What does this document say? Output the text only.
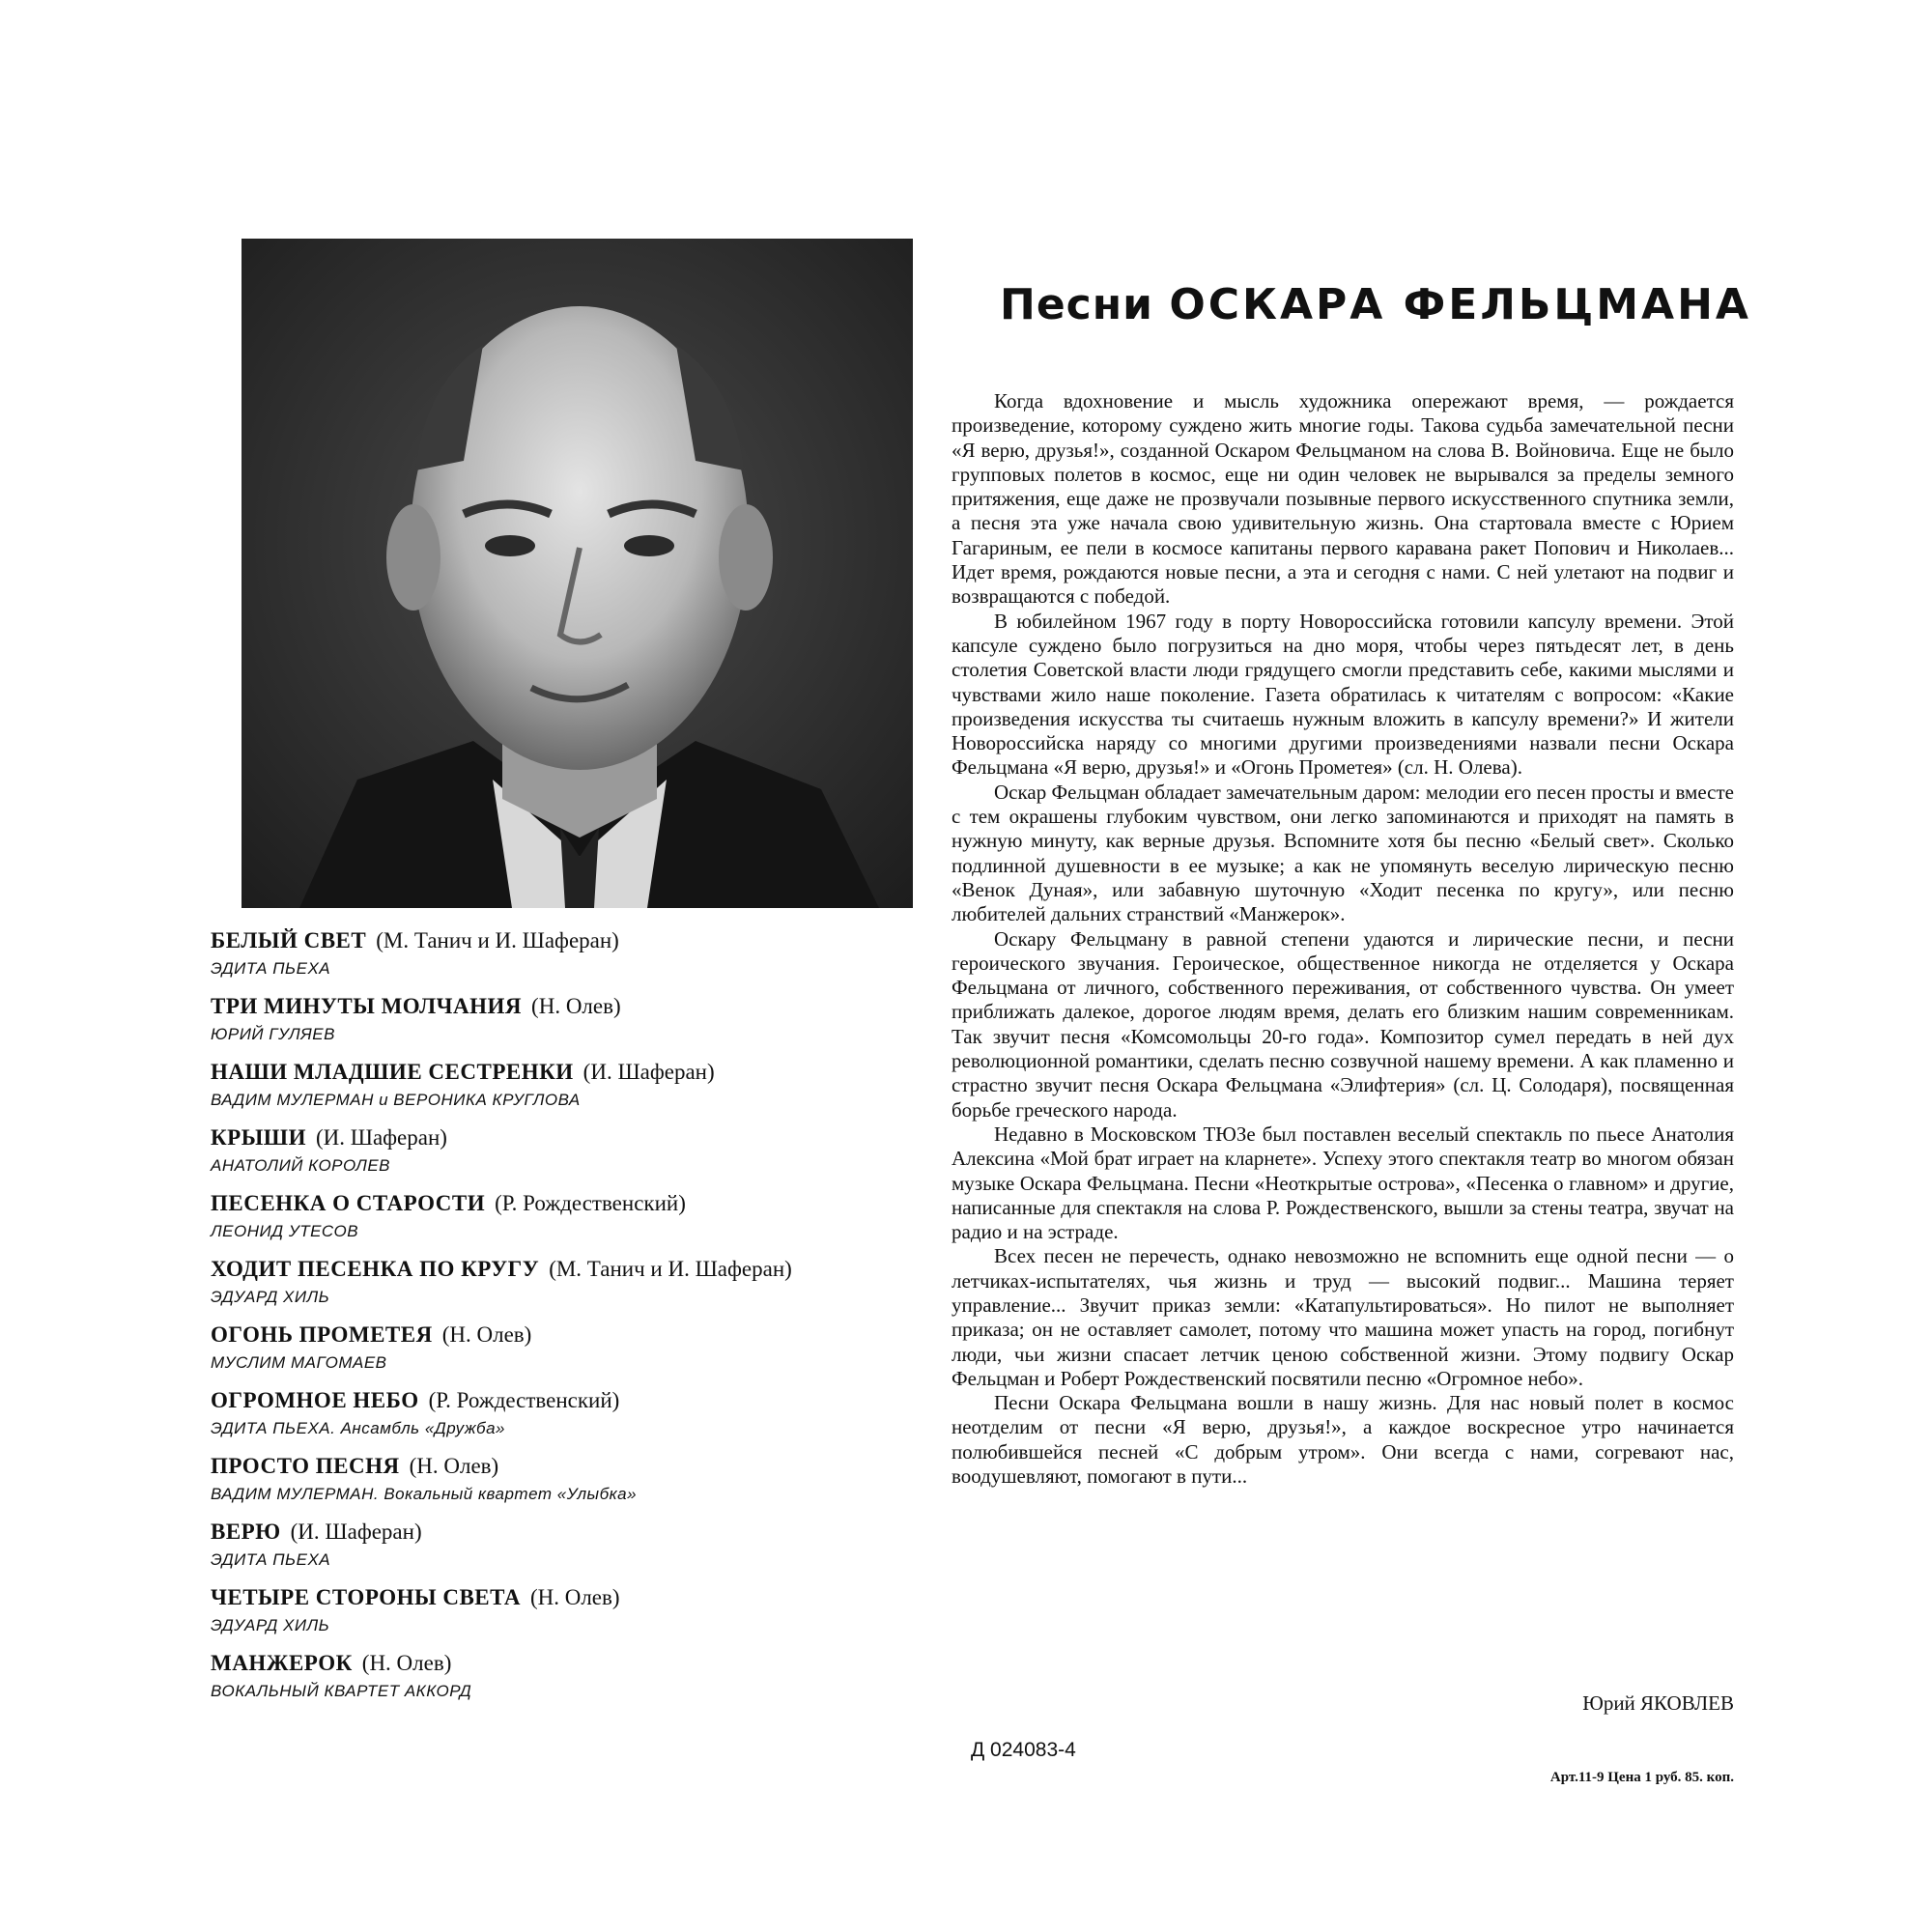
БЕЛЫЙ СВЕТ (М. Танич и И. Шаферан)
ЭДИТА ПЬЕХА
ТРИ МИНУТЫ МОЛЧАНИЯ (Н. Олев)
ЮРИЙ ГУЛЯЕВ
НАШИ МЛАДШИЕ СЕСТРЕНКИ (И. Шаферан)
ВАДИМ МУЛЕРМАН и ВЕРОНИКА КРУГЛОВА
КРЫШИ (И. Шаферан)
АНАТОЛИЙ КОРОЛЕВ
ПЕСЕНКА О СТАРОСТИ (Р. Рождественский)
ЛЕОНИД УТЕСОВ
ХОДИТ ПЕСЕНКА ПО КРУГУ (М. Танич и И. Шаферан)
ЭДУАРД ХИЛЬ
ОГОНЬ ПРОМЕТЕЯ (Н. Олев)
МУСЛИМ МАГОМАЕВ
ОГРОМНОЕ НЕБО (Р. Рождественский)
ЭДИТА ПЬЕХА. Ансамбль «Дружба»
ПРОСТО ПЕСНЯ (Н. Олев)
ВАДИМ МУЛЕРМАН. Вокальный квартет «Улыбка»
ВЕРЮ (И. Шаферан)
ЭДИТА ПЬЕХА
ЧЕТЫРЕ СТОРОНЫ СВЕТА (Н. Олев)
ЭДУАРД ХИЛЬ
МАНЖЕРОК (Н. Олев)
ВОКАЛЬНЫЙ КВАРТЕТ АККОРД
Песни ОСКАРА ФЕЛЬЦМАНА

Когда вдохновение и мысль художника опережают время, — рождается произведение, которому суждено жить многие годы. Такова судьба замечательной песни «Я верю, друзья!», созданной Оскаром Фельцманом на слова В. Войновича. Еще не было групповых полетов в космос, еще ни один человек не вырывался за пределы земного притяжения, еще даже не прозвучали позывные первого искусственного спутника земли, а песня эта уже начала свою удивительную жизнь. Она стартовала вместе с Юрием Гагариным, ее пели в космосе капитаны первого каравана ракет Попович и Николаев... Идет время, рождаются новые песни, а эта и сегодня с нами. С ней улетают на подвиг и возвращаются с победой.

В юбилейном 1967 году в порту Новороссийска готовили капсулу времени. Этой капсуле суждено было погрузиться на дно моря, чтобы через пятьдесят лет, в день столетия Советской власти люди грядущего смогли представить себе, какими мыслями и чувствами жило наше поколение. Газета обратилась к читателям с вопросом: «Какие произведения искусства ты считаешь нужным вложить в капсулу времени?» И жители Новороссийска наряду со многими другими произведениями назвали песни Оскара Фельцмана «Я верю, друзья!» и «Огонь Прометея» (сл. Н. Олева).

Оскар Фельцман обладает замечательным даром: мелодии его песен просты и вместе с тем окрашены глубоким чувством, они легко запоминаются и приходят на память в нужную минуту, как верные друзья. Вспомните хотя бы песню «Белый свет». Сколько подлинной душевности в ее музыке; а как не упомянуть веселую лирическую песню «Венок Дуная», или забавную шуточную «Ходит песенка по кругу», или песню любителей дальних странствий «Манжерок».

Оскару Фельцману в равной степени удаются и лирические песни, и песни героического звучания. Героическое, общественное никогда не отделяется у Оскара Фельцмана от личного, собственного переживания, от собственного чувства. Он умеет приближать далекое, дорогое людям время, делать его близким нашим современникам. Так звучит песня «Комсомольцы 20-го года». Композитор сумел передать в ней дух революционной романтики, сделать песню созвучной нашему времени. А как пламенно и страстно звучит песня Оскара Фельцмана «Элифтерия» (сл. Ц. Солодаря), посвященная борьбе греческого народа.

Недавно в Московском ТЮЗе был поставлен веселый спектакль по пьесе Анатолия Алексина «Мой брат играет на кларнете». Успеху этого спектакля театр во многом обязан музыке Оскара Фельцмана. Песни «Неоткрытые острова», «Песенка о главном» и другие, написанные для спектакля на слова Р. Рождественского, вышли за стены театра, звучат на радио и на эстраде.

Всех песен не перечесть, однако невозможно не вспомнить еще одной песни — о летчиках-испытателях, чья жизнь и труд — высокий подвиг... Машина теряет управление... Звучит приказ земли: «Катапультироваться». Но пилот не выполняет приказа; он не оставляет самолет, потому что машина может упасть на город, погибнут люди, чьи жизни спасает летчик ценою собственной жизни. Этому подвигу Оскар Фельцман и Роберт Рождественский посвятили песню «Огромное небо».

Песни Оскара Фельцмана вошли в нашу жизнь. Для нас новый полет в космос неотделим от песни «Я верю, друзья!», а каждое воскресное утро начинается полюбившейся песней «С добрым утром». Они всегда с нами, согревают нас, воодушевляют, помогают в пути...

Юрий ЯКОВЛЕВ
Д 024083-4
Арт.11-9 Цена 1 руб. 85. коп.
